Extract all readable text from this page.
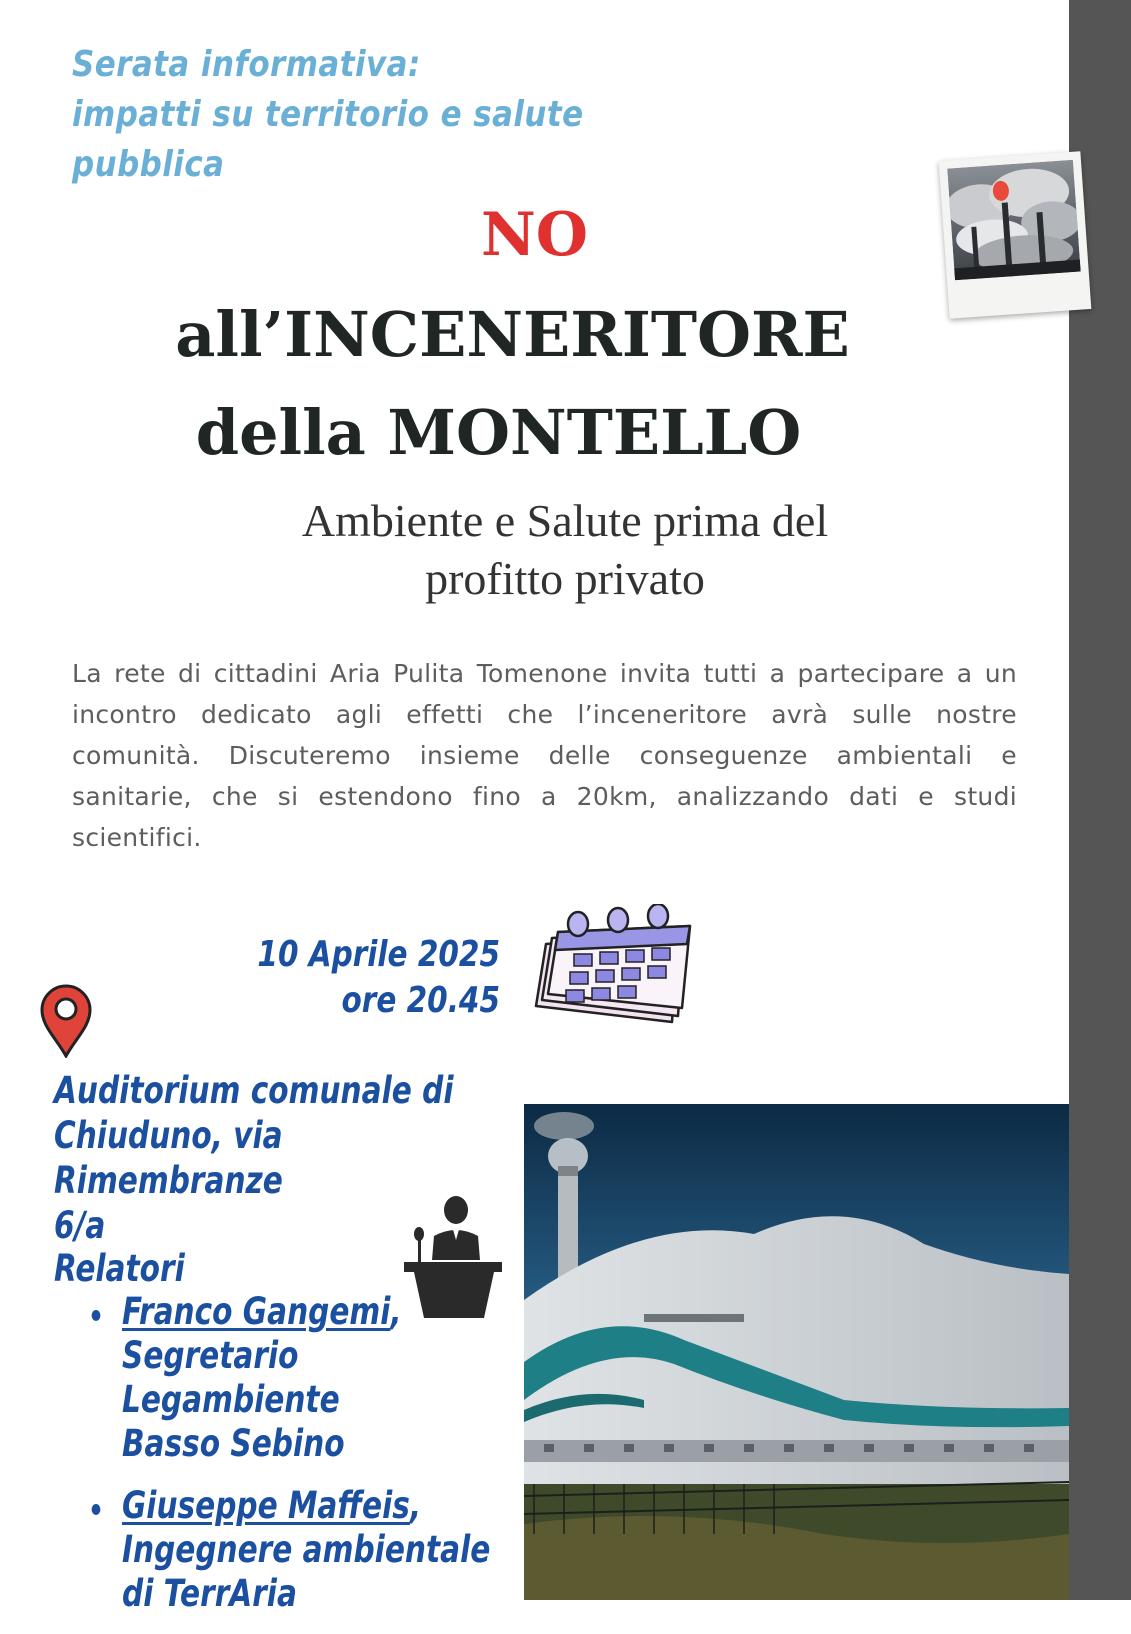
Serata informativa:
impatti su territorio e salute pubblica
NO
all’INCENERITORE
della MONTELLO
Ambiente e Salute prima del
profitto privato
La rete di cittadini Aria Pulita Tomenone invita tutti a partecipare a un incontro dedicato agli effetti che l’inceneritore avrà sulle nostre comunità. Discuteremo insieme delle conseguenze ambientali e sanitarie, che si estendono fino a 20km, analizzando dati e studi scientifici.
10 Aprile 2025
ore 20.45
Auditorium comunale di
Chiuduno, via Rimembranze
6/a
Relatori
Franco Gangemi,
Segretario Legambiente
Basso Sebino
Giuseppe Maffeis,
Ingegnere ambientale
di TerrAria
